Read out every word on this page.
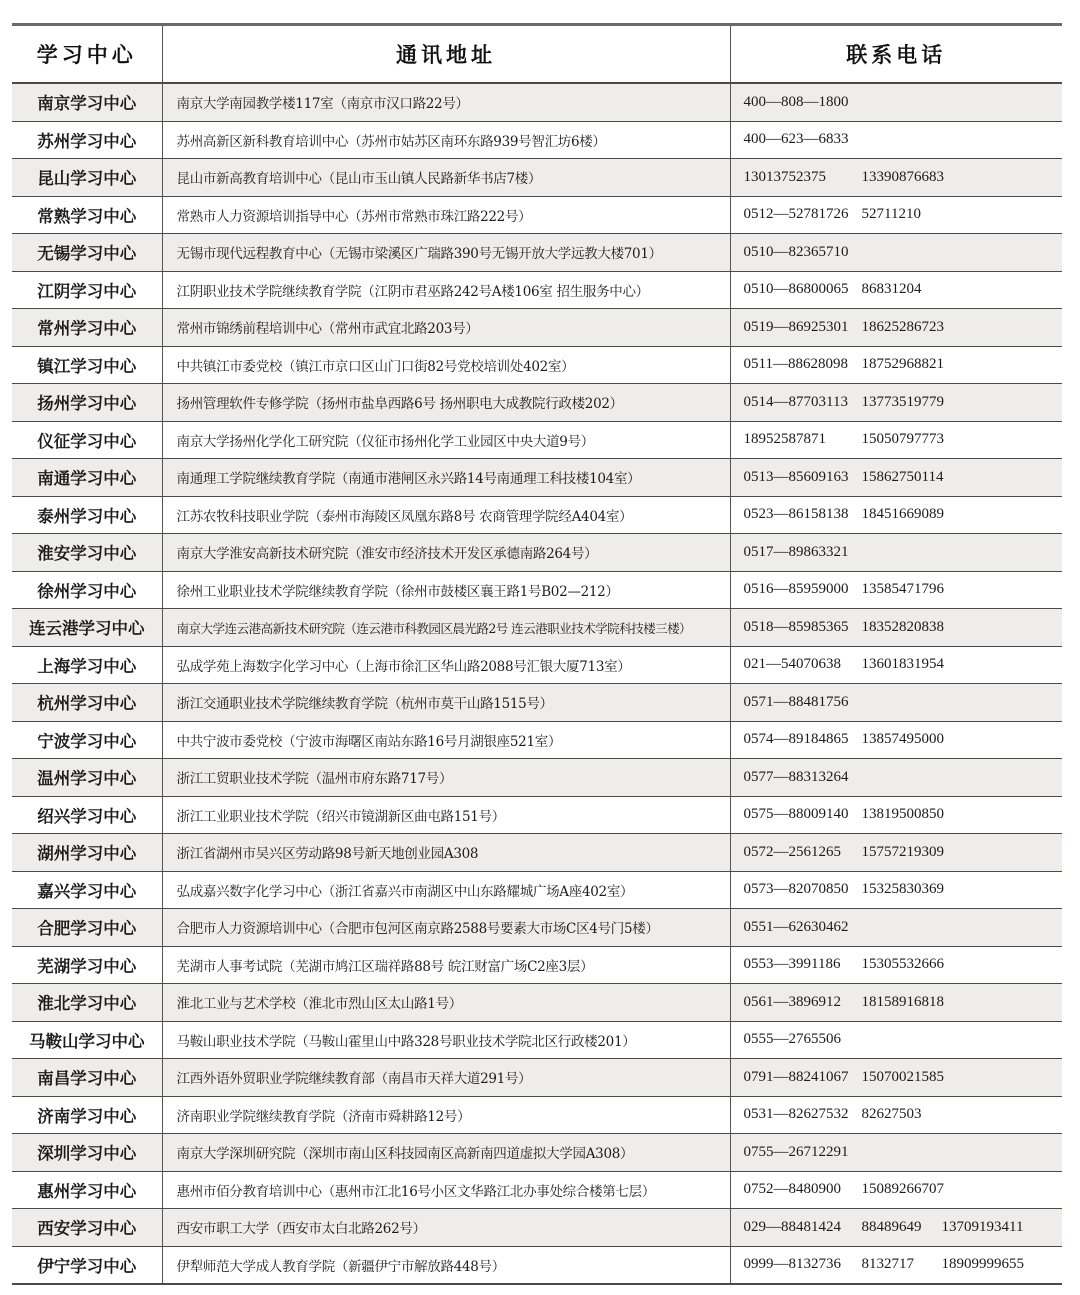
学习中心	通讯地址	联系电话
南京学习中心	南京大学南园教学楼117室（南京市汉口路22号）	400—808—1800
苏州学习中心	苏州高新区新科教育培训中心（苏州市姑苏区南环东路939号智汇坊6楼）	400—623—6833
昆山学习中心	昆山市新高教育培训中心（昆山市玉山镇人民路新华书店7楼）	13013752375 13390876683
常熟学习中心	常熟市人力资源培训指导中心（苏州市常熟市珠江路222号）	0512—52781726 52711210
无锡学习中心	无锡市现代远程教育中心（无锡市梁溪区广瑞路390号无锡开放大学远教大楼701）	0510—82365710
江阴学习中心	江阴职业技术学院继续教育学院（江阴市君巫路242号A楼106室 招生服务中心）	0510—86800065 86831204
常州学习中心	常州市锦绣前程培训中心（常州市武宜北路203号）	0519—86925301 18625286723
镇江学习中心	中共镇江市委党校（镇江市京口区山门口街82号党校培训处402室）	0511—88628098 18752968821
扬州学习中心	扬州管理软件专修学院（扬州市盐阜西路6号 扬州职电大成教院行政楼202）	0514—87703113 13773519779
仪征学习中心	南京大学扬州化学化工研究院（仪征市扬州化学工业园区中央大道9号）	18952587871 15050797773
南通学习中心	南通理工学院继续教育学院（南通市港闸区永兴路14号南通理工科技楼104室）	0513—85609163 15862750114
泰州学习中心	江苏农牧科技职业学院（泰州市海陵区凤凰东路8号 农商管理学院经A404室）	0523—86158138 18451669089
淮安学习中心	南京大学淮安高新技术研究院（淮安市经济技术开发区承德南路264号）	0517—89863321
徐州学习中心	徐州工业职业技术学院继续教育学院（徐州市鼓楼区襄王路1号B02—212）	0516—85959000 13585471796
连云港学习中心	南京大学连云港高新技术研究院（连云港市科教园区晨光路2号 连云港职业技术学院科技楼三楼）	0518—85985365 18352820838
上海学习中心	弘成学苑上海数字化学习中心（上海市徐汇区华山路2088号汇银大厦713室）	021—54070638 13601831954
杭州学习中心	浙江交通职业技术学院继续教育学院（杭州市莫干山路1515号）	0571—88481756
宁波学习中心	中共宁波市委党校（宁波市海曙区南站东路16号月湖银座521室）	0574—89184865 13857495000
温州学习中心	浙江工贸职业技术学院（温州市府东路717号）	0577—88313264
绍兴学习中心	浙江工业职业技术学院（绍兴市镜湖新区曲屯路151号）	0575—88009140 13819500850
湖州学习中心	浙江省湖州市吴兴区劳动路98号新天地创业园A308	0572—2561265 15757219309
嘉兴学习中心	弘成嘉兴数字化学习中心（浙江省嘉兴市南湖区中山东路耀城广场A座402室）	0573—82070850 15325830369
合肥学习中心	合肥市人力资源培训中心（合肥市包河区南京路2588号要素大市场C区4号门5楼）	0551—62630462
芜湖学习中心	芜湖市人事考试院（芜湖市鸠江区瑞祥路88号 皖江财富广场C2座3层）	0553—3991186 15305532666
淮北学习中心	淮北工业与艺术学校（淮北市烈山区太山路1号）	0561—3896912 18158916818
马鞍山学习中心	马鞍山职业技术学院（马鞍山霍里山中路328号职业技术学院北区行政楼201）	0555—2765506
南昌学习中心	江西外语外贸职业学院继续教育部（南昌市天祥大道291号）	0791—88241067 15070021585
济南学习中心	济南职业学院继续教育学院（济南市舜耕路12号）	0531—82627532 82627503
深圳学习中心	南京大学深圳研究院（深圳市南山区科技园南区高新南四道虚拟大学园A308）	0755—26712291
惠州学习中心	惠州市佰分教育培训中心（惠州市江北16号小区文华路江北办事处综合楼第七层）	0752—8480900 15089266707
西安学习中心	西安市职工大学（西安市太白北路262号）	029—88481424 88489649 13709193411
伊宁学习中心	伊犁师范大学成人教育学院（新疆伊宁市解放路448号）	0999—8132736 8132717 18909999655
